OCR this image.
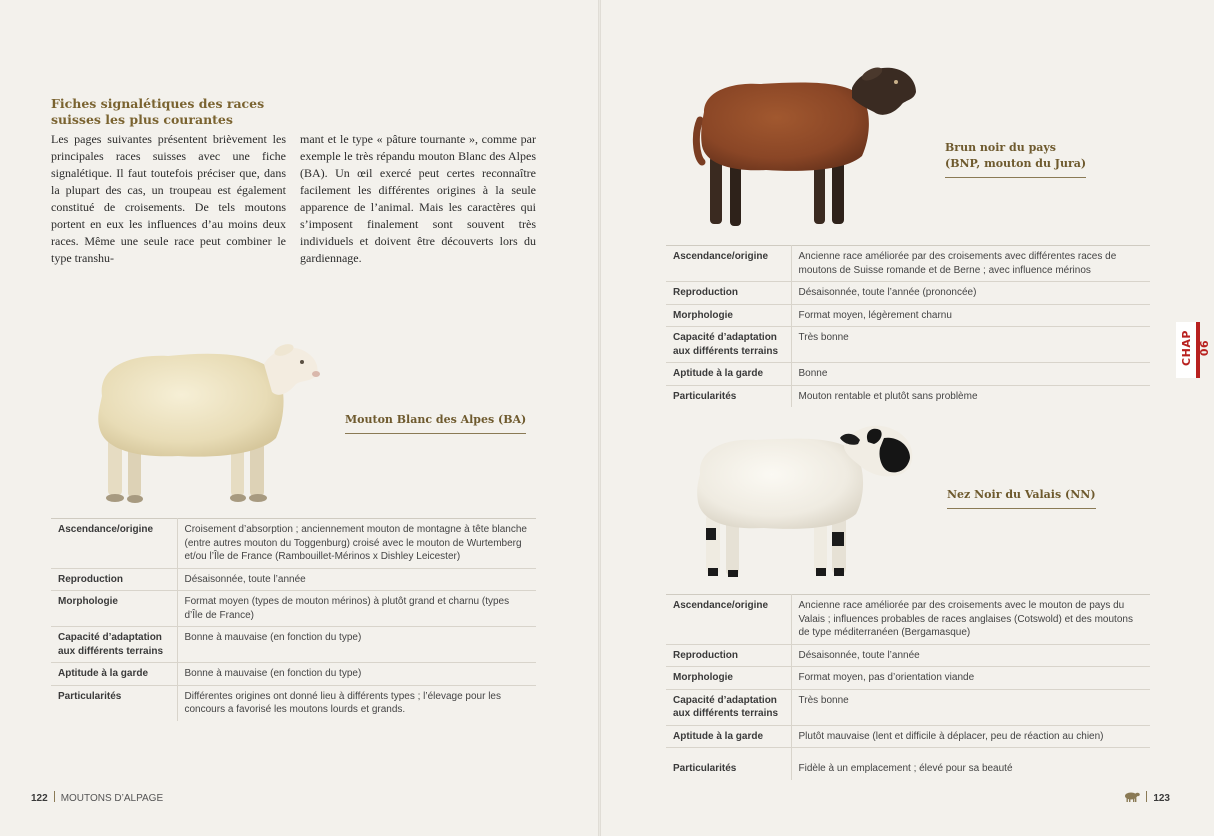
Fiches signalétiques des races suisses les plus courantes
Les pages suivantes présentent brièvement les principales races suisses avec une fiche signalétique. Il faut toutefois préciser que, dans la plupart des cas, un troupeau est également constitué de croisements. De tels moutons portent en eux les influences d’au moins deux races. Même une seule race peut combiner le type transhu-
mant et le type « pâture tournante », comme par exemple le très répandu mouton Blanc des Alpes (BA). Un œil exercé peut certes reconnaître facilement les différentes origines à la seule apparence de l’animal. Mais les caractères qui s’imposent finalement sont souvent très individuels et doivent être découverts lors du gardiennage.
Mouton Blanc des Alpes (BA)
Ascendance/origine	Croisement d’absorption ; anciennement mouton de montagne à tête blanche (entre autres mouton du Toggenburg) croisé avec le mouton de Wurtemberg et/ou l’Île de France (Rambouillet-Mérinos x Dishley Leicester)
Reproduction	Désaisonnée, toute l’année
Morphologie	Format moyen (types de mouton mérinos) à plutôt grand et charnu (types d’Île de France)
Capacité d’adaptation aux différents terrains	Bonne à mauvaise (en fonction du type)
Aptitude à la garde	Bonne à mauvaise (en fonction du type)
Particularités	Différentes origines ont donné lieu à différents types ; l’élevage pour les concours a favorisé les moutons lourds et grands.
122 MOUTONS D’ALPAGE
Brun noir du pays
(BNP, mouton du Jura)
Ascendance/origine	Ancienne race améliorée par des croisements avec différentes races de moutons de Suisse romande et de Berne ; avec influence mérinos
Reproduction	Désaisonnée, toute l’année (prononcée)
Morphologie	Format moyen, légèrement charnu
Capacité d’adaptation aux différents terrains	Très bonne
Aptitude à la garde	Bonne
Particularités	Mouton rentable et plutôt sans problème
Nez Noir du Valais (NN)
Ascendance/origine	Ancienne race améliorée par des croisements avec le mouton de pays du Valais ; influences probables de races anglaises (Cotswold) et des moutons de type méditerranéen (Bergamasque)
Reproduction	Désaisonnée, toute l’année
Morphologie	Format moyen, pas d’orientation viande
Capacité d’adaptation aux différents terrains	Très bonne
Aptitude à la garde	Plutôt mauvaise (lent et difficile à déplacer, peu de réaction au chien)
Particularités	Fidèle à un emplacement ; élevé pour sa beauté
123
CHAP 06
